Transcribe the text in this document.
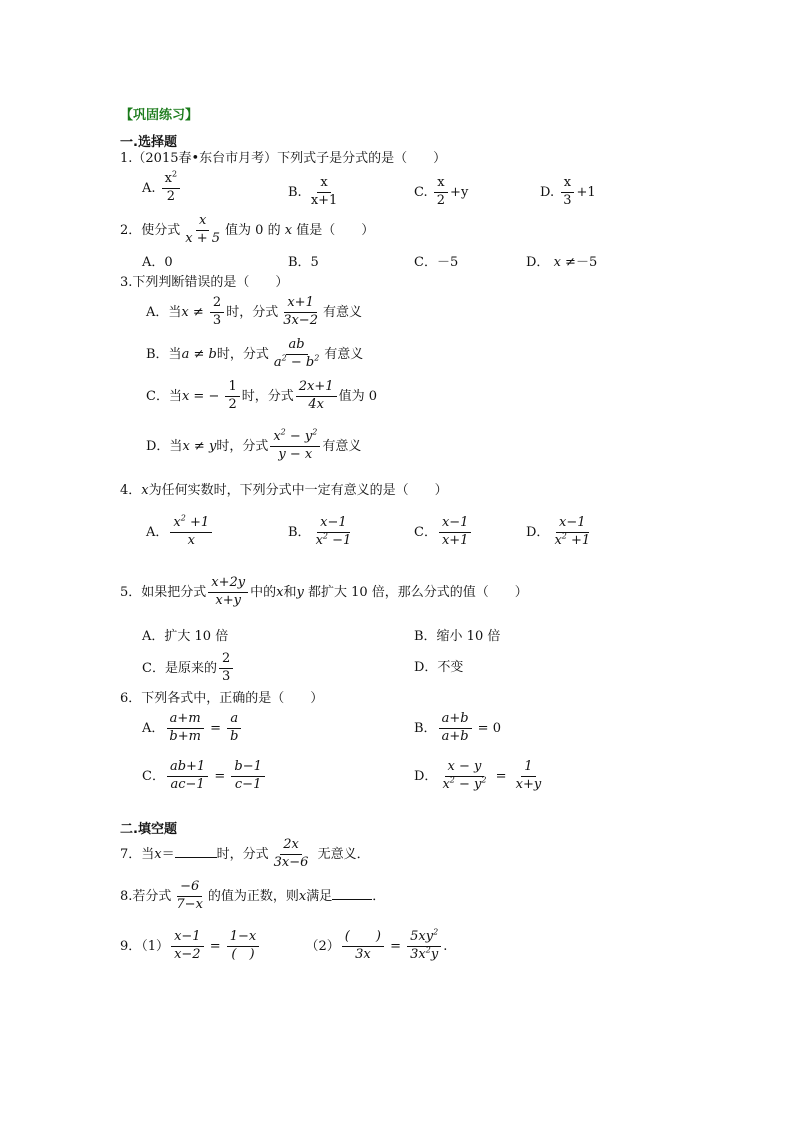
【巩固练习】
一.选择题
1.（2015春•东台市月考）下列式子是分式的是（　　）
A. $\frac{x^2}{2}$	B. $\frac{x}{x+1}$	C. $\frac{x}{2} +y$	D. $\frac{x}{3} +1$
2．使分式 $\frac{x}{x + 5}$ 值为 0 的 x 值是（　　）
A．0	B．5	C．－5	D． x ≠－5
3.下列判断错误的是（　　）
A．当$x \ne \frac{2}{3}$ 时，分式 $\frac{x+1}{3x-2}$ 有意义
B．当a ≠ b时，分式 $\frac{ab}{a^2 - b^2}$ 有意义
C．当x = − $\frac{1}{2}$ 时，分式 $\frac{2x+1}{4x}$ 值为 0
D．当x ≠ y时，分式 $\frac{x^2 - y^2}{y - x}$ 有意义
4．x为任何实数时，下列分式中一定有意义的是（　　）
A． $\frac{x^2 +1}{x}$	B． $\frac{x-1}{x^2 -1}$	C． $\frac{x-1}{x+1}$	D． $\frac{x-1}{x^2 +1}$
5．如果把分式 $\frac{x+2y}{x+y}$ 中的x和y 都扩大 10 倍，那么分式的值（　　）
A．扩大 10 倍	B．缩小 10 倍
C．是原来的 $\frac{2}{3}$	D．不变
6．下列各式中，正确的是（　　）
A． $\frac{a+m}{b+m} = \frac{a}{b}$	B． $\frac{a+b}{a+b} = 0$
C． $\frac{ab+1}{ac-1} = \frac{b-1}{c-1}$	D． $\frac{x - y}{x^2 - y^2} = \frac{1}{x+y}$
二.填空题
7．当x＝	时，分式 $\frac{2x}{3x-6}$ 无意义．
8.若分式 $\frac{-6}{7-x}$ 的值为正数，则x满足	．
9．$(1) \frac{x-1}{x-2} = \frac{1-x}{( )}$	$(2) \frac{( )}{3x} = \frac{5xy^2}{3x^2y}$ .
